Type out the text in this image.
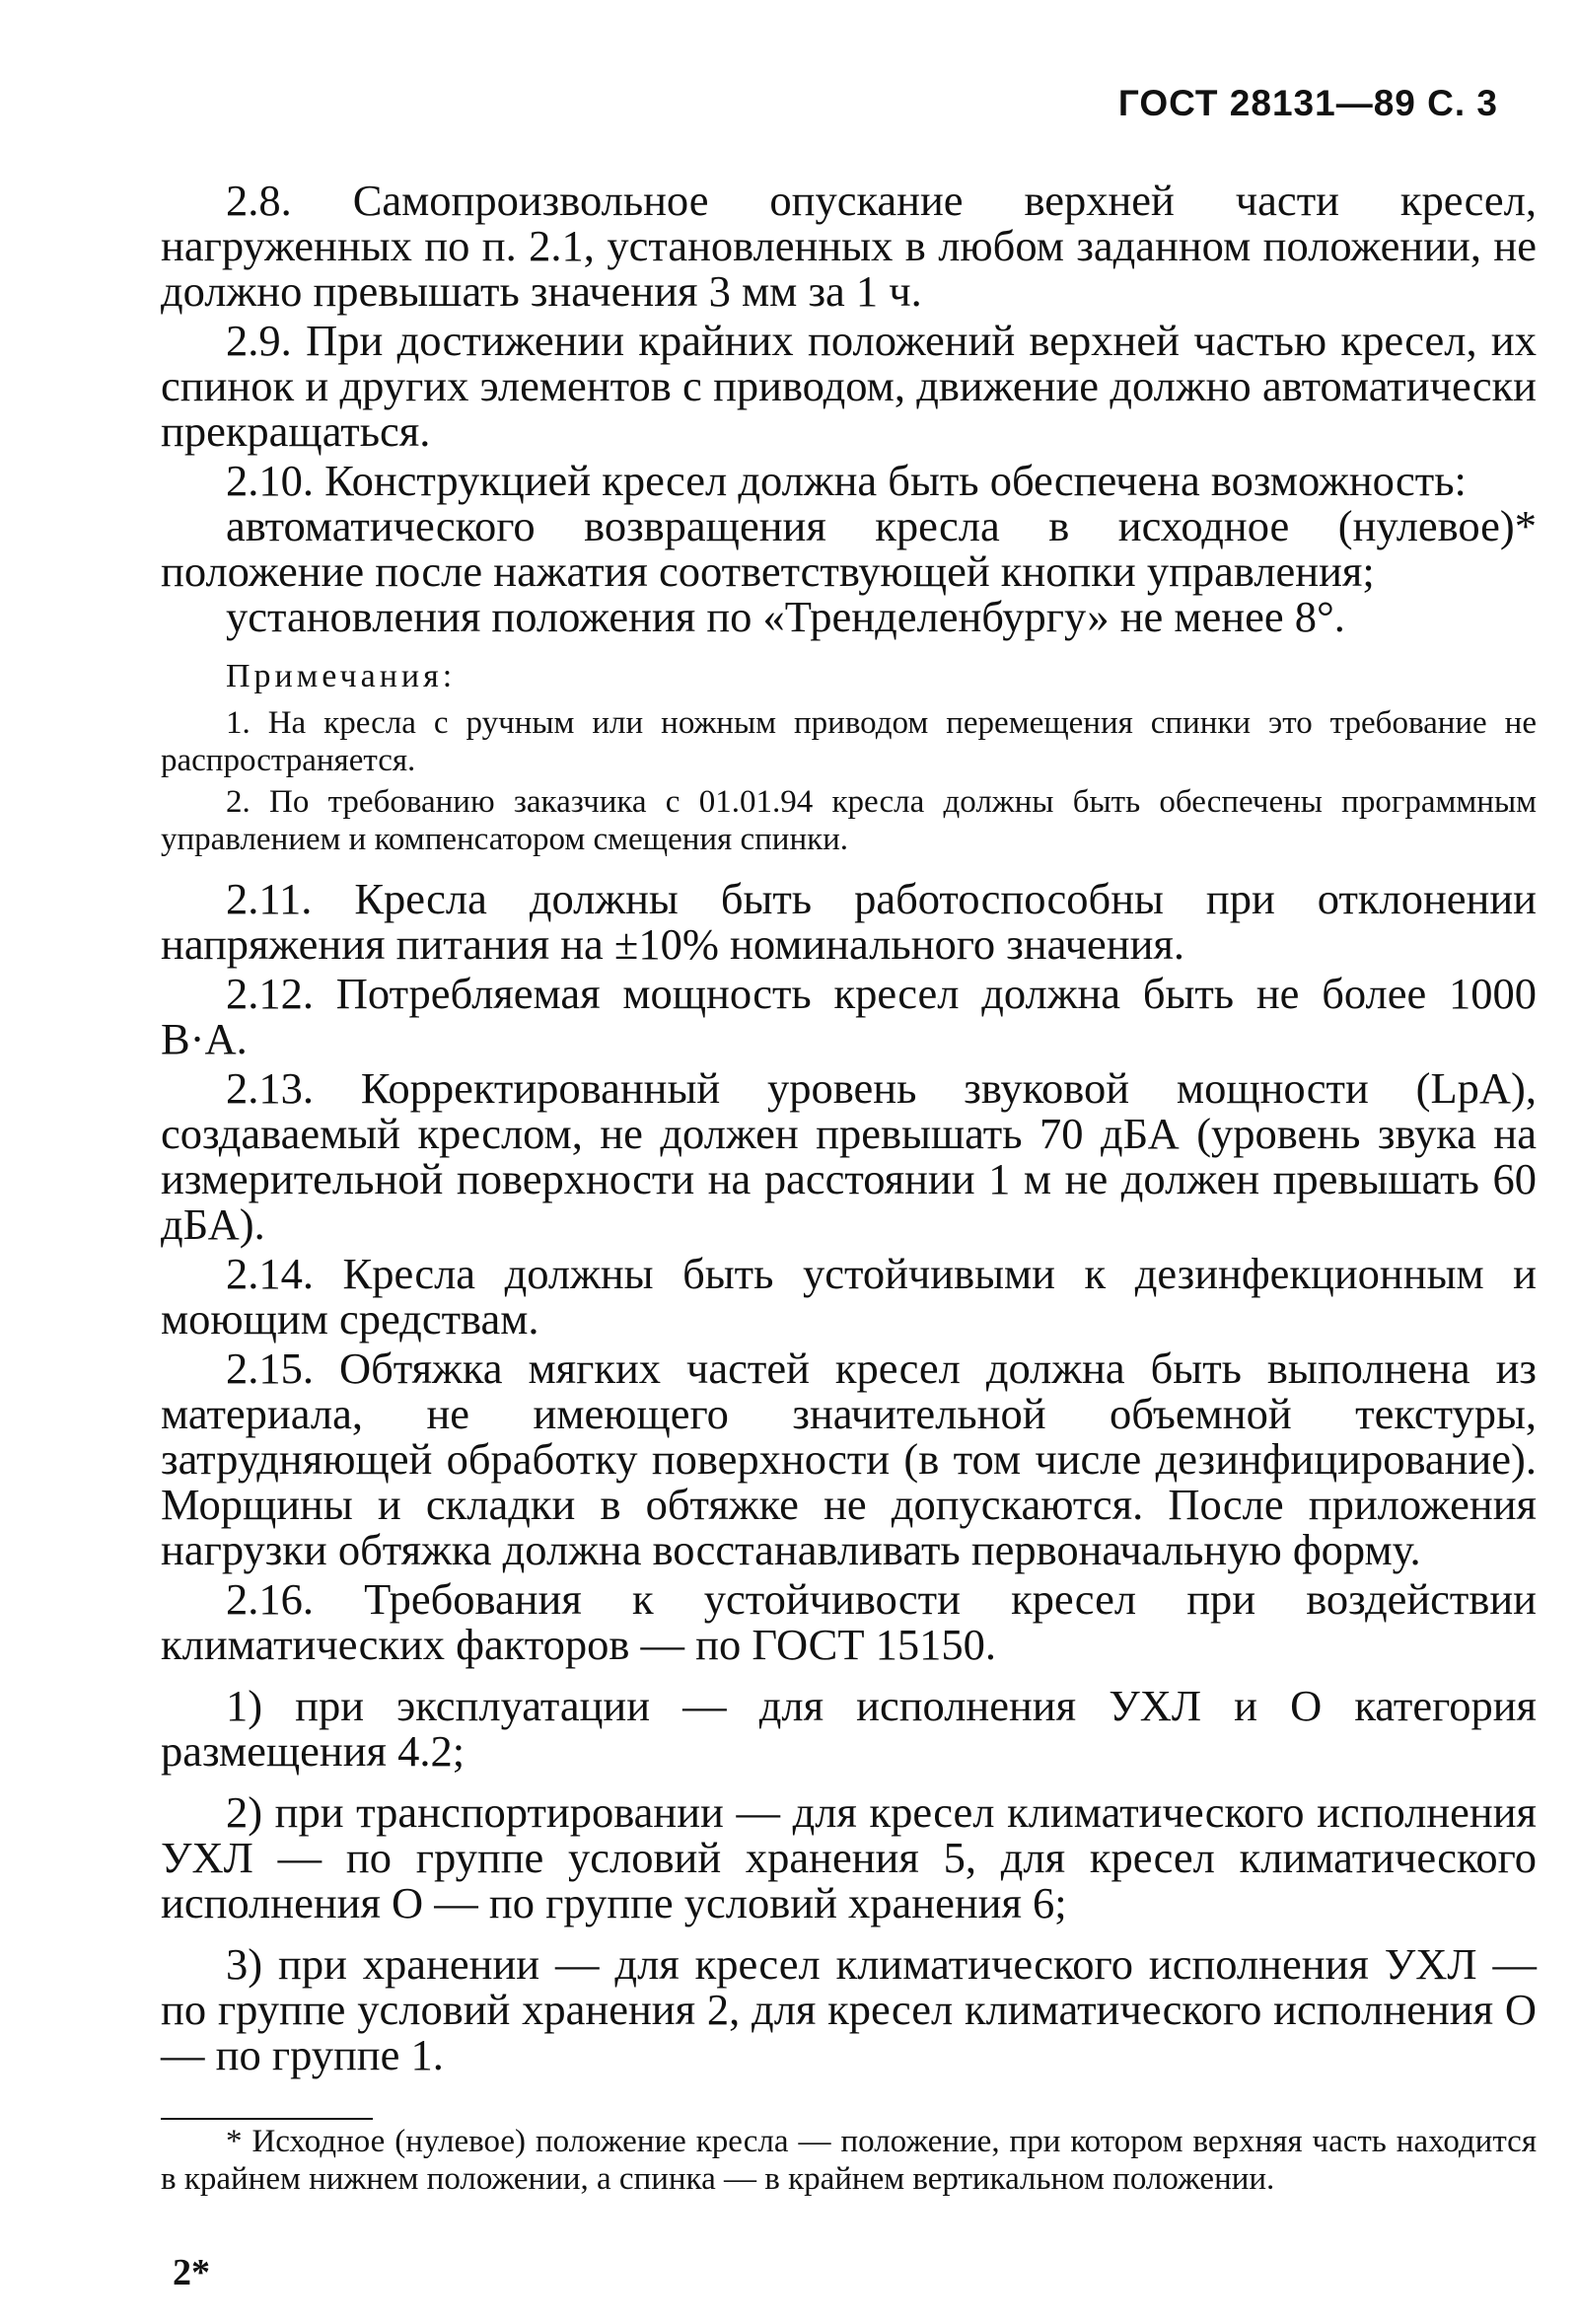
ГОСТ 28131—89 С. 3

2.8. Самопроизвольное опускание верхней части кресел, нагруженных по п. 2.1, установленных в любом заданном положении, не должно превышать значения 3 мм за 1 ч.

2.9. При достижении крайних положений верхней частью кресел, их спинок и других элементов с приводом, движение должно автоматически прекращаться.

2.10. Конструкцией кресел должна быть обеспечена возможность:

автоматического возвращения кресла в исходное (нулевое)* положение после нажатия соответствующей кнопки управления;

установления положения по «Тренделенбургу» не менее 8°.

Примечания:

1. На кресла с ручным или ножным приводом перемещения спинки это требование не распространяется.

2. По требованию заказчика с 01.01.94 кресла должны быть обеспечены программным управлением и компенсатором смещения спинки.

2.11. Кресла должны быть работоспособны при отклонении напряжения питания на ±10% номинального значения.

2.12. Потребляемая мощность кресел должна быть не более 1000 В·А.

2.13. Корректированный уровень звуковой мощности (LpA), создаваемый креслом, не должен превышать 70 дБА (уровень звука на измерительной поверхности на расстоянии 1 м не должен превышать 60 дБА).

2.14. Кресла должны быть устойчивыми к дезинфекционным и моющим средствам.

2.15. Обтяжка мягких частей кресел должна быть выполнена из материала, не имеющего значительной объемной текстуры, затрудняющей обработку поверхности (в том числе дезинфицирование). Морщины и складки в обтяжке не допускаются. После приложения нагрузки обтяжка должна восстанавливать первоначальную форму.

2.16. Требования к устойчивости кресел при воздействии климатических факторов — по ГОСТ 15150.

1) при эксплуатации — для исполнения УХЛ и О категория размещения 4.2;

2) при транспортировании — для кресел климатического исполнения УХЛ — по группе условий хранения 5, для кресел климатического исполнения О — по группе условий хранения 6;

3) при хранении — для кресел климатического исполнения УХЛ — по группе условий хранения 2, для кресел климатического исполнения О — по группе 1.

* Исходное (нулевое) положение кресла — положение, при котором верхняя часть находится в крайнем нижнем положении, а спинка — в крайнем вертикальном положении.
2*
